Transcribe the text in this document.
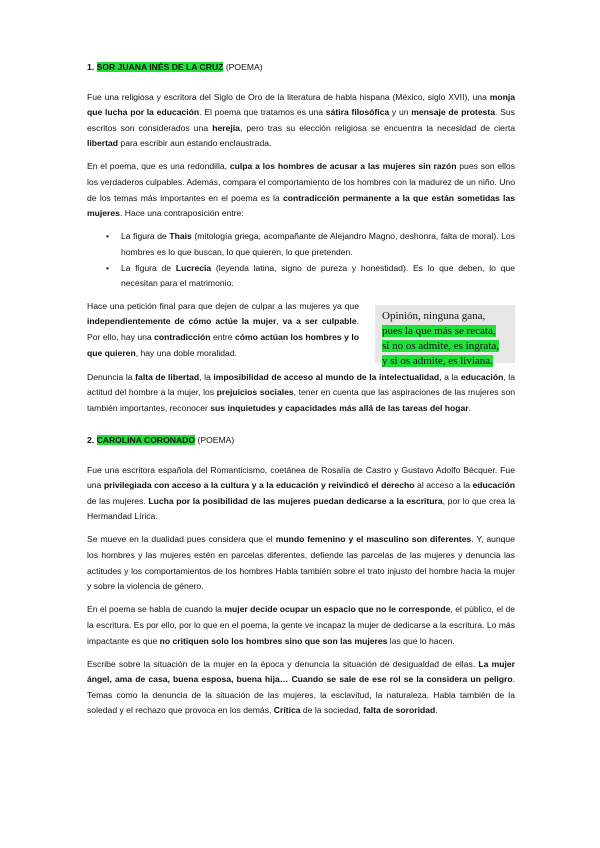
1. SOR JUANA INÉS DE LA CRUZ (POEMA)

Fue una religiosa y escritora del Siglo de Oro de la literatura de habla hispana (México, siglo XVII), una monja que lucha por la educación. El poema que tratamos es una sátira filosófica y un mensaje de protesta. Sus escritos son considerados una herejía, pero tras su elección religiosa se encuentra la necesidad de cierta libertad para escribir aun estando enclaustrada.

En el poema, que es una redondilla, culpa a los hombres de acusar a las mujeres sin razón pues son ellos los verdaderos culpables. Además, compara el comportamiento de los hombres con la madurez de un niño. Uno de los temas más importantes en el poema es la contradicción permanente a la que están sometidas las mujeres. Hace una contraposición entre:

• La figura de Thais (mitología griega, acompañante de Alejandro Magno, deshonra, falta de moral). Los hombres es lo que buscan, lo que quieren, lo que pretenden.
• La figura de Lucrecia (leyenda latina, signo de pureza y honestidad). Es lo que deben, lo que necesitan para el matrimonio.

Hace una petición final para que dejen de culpar a las mujeres ya que independientemente de cómo actúe la mujer, va a ser culpable. Por ello, hay una contradicción entre cómo actúan los hombres y lo que quieren, hay una doble moralidad.

Opinión, ninguna gana,
pues la que más se recata,
si no os admite, es ingrata,
y si os admite, es liviana.

Denuncia la falta de libertad, la imposibilidad de acceso al mundo de la intelectualidad, a la educación, la actitud del hombre a la mujer, los prejuicios sociales, tener en cuenta que las aspiraciones de las mujeres son también importantes, reconocer sus inquietudes y capacidades más allá de las tareas del hogar.

2. CAROLINA CORONADO (POEMA)

Fue una escritora española del Romanticismo, coetánea de Rosalía de Castro y Gustavo Adolfo Bécquer. Fue una privilegiada con acceso a la cultura y a la educación y reivindicó el derecho al acceso a la educación de las mujeres. Lucha por la posibilidad de las mujeres puedan dedicarse a la escritura, por lo que crea la Hermandad Lírica.

Se mueve en la dualidad pues considera que el mundo femenino y el masculino son diferentes. Y, aunque los hombres y las mujeres estén en parcelas diferentes, defiende las parcelas de las mujeres y denuncia las actitudes y los comportamientos de los hombres Habla también sobre el trato injusto del hombre hacia la mujer y sobre la violencia de género.

En el poema se habla de cuando la mujer decide ocupar un espacio que no le corresponde, el público, el de la escritura. Es por ello, por lo que en el poema, la gente ve incapaz la mujer de dedicarse a la escritura. Lo más impactante es que no critiquen solo los hombres sino que son las mujeres las que lo hacen.

Escribe sobre la situación de la mujer en la época y denuncia la situación de desigualdad de ellas. La mujer ángel, ama de casa, buena esposa, buena hija… Cuando se sale de ese rol se la considera un peligro. Temas como la denuncia de la situación de las mujeres, la esclavitud, la naturaleza. Habla también de la soledad y el rechazo que provoca en los demás. Crítica de la sociedad, falta de sororidad.
